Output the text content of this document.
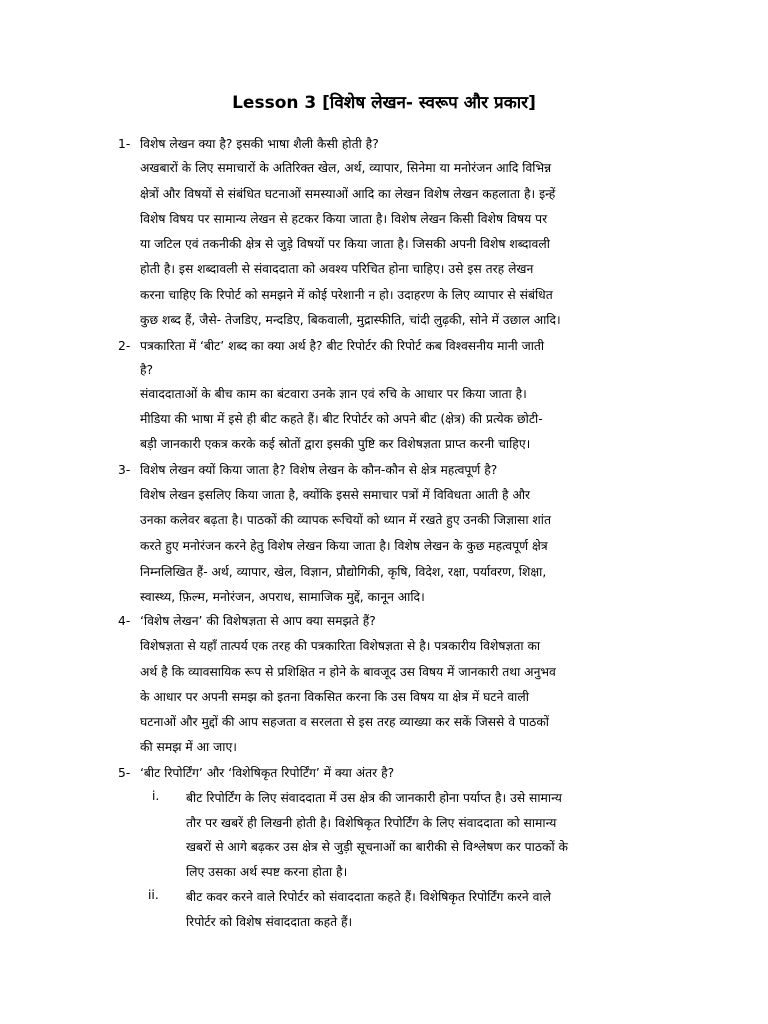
Lesson 3 [विशेष लेखन- स्वरूप और प्रकार]
1- विशेष लेखन क्या है? इसकी भाषा शैली कैसी होती है?
अखबारों के लिए समाचारों के अतिरिक्त खेल, अर्थ, व्यापार, सिनेमा या मनोरंजन आदि विभिन्न
क्षेत्रों और विषयों से संबंधित घटनाओं समस्याओं आदि का लेखन विशेष लेखन कहलाता है। इन्हें
विशेष विषय पर सामान्य लेखन से हटकर किया जाता है। विशेष लेखन किसी विशेष विषय पर
या जटिल एवं तकनीकी क्षेत्र से जुड़े विषयों पर किया जाता है। जिसकी अपनी विशेष शब्दावली
होती है। इस शब्दावली से संवाददाता को अवश्य परिचित होना चाहिए। उसे इस तरह लेखन
करना चाहिए कि रिपोर्ट को समझने में कोई परेशानी न हो। उदाहरण के लिए व्यापार से संबंधित
कुछ शब्द हैं, जैसे- तेजडिए, मन्दडिए, बिकवाली, मुद्रास्फीति, चांदी लुढ़की, सोने में उछाल आदि।
2- पत्रकारिता में ‘बीट’ शब्द का क्या अर्थ है? बीट रिपोर्टर की रिपोर्ट कब विश्वसनीय मानी जाती
है?
संवाददाताओं के बीच काम का बंटवारा उनके ज्ञान एवं रुचि के आधार पर किया जाता है।
मीडिया की भाषा में इसे ही बीट कहते हैं। बीट रिपोर्टर को अपने बीट (क्षेत्र) की प्रत्येक छोटी-
बड़ी जानकारी एकत्र करके कई स्रोतों द्वारा इसकी पुष्टि कर विशेषज्ञता प्राप्त करनी चाहिए।
3- विशेष लेखन क्यों किया जाता है? विशेष लेखन के कौन-कौन से क्षेत्र महत्वपूर्ण है?
विशेष लेखन इसलिए किया जाता है, क्योंकि इससे समाचार पत्रों में विविधता आती है और
उनका कलेवर बढ़ता है। पाठकों की व्यापक रूचियों को ध्यान में रखते हुए उनकी जिज्ञासा शांत
करते हुए मनोरंजन करने हेतु विशेष लेखन किया जाता है। विशेष लेखन के कुछ महत्वपूर्ण क्षेत्र
निम्नलिखित हैं- अर्थ, व्यापार, खेल, विज्ञान, प्रौद्योगिकी, कृषि, विदेश, रक्षा, पर्यावरण, शिक्षा,
स्वास्थ्य, फ़िल्म, मनोरंजन, अपराध, सामाजिक मुद्दें, कानून आदि।
4- ‘विशेष लेखन’ की विशेषज्ञता से आप क्या समझते हैं?
विशेषज्ञता से यहाँ तात्पर्य एक तरह की पत्रकारिता विशेषज्ञता से है। पत्रकारीय विशेषज्ञता का
अर्थ है कि व्यावसायिक रूप से प्रशिक्षित न होने के बावजूद उस विषय में जानकारी तथा अनुभव
के आधार पर अपनी समझ को इतना विकसित करना कि उस विषय या क्षेत्र में घटने वाली
घटनाओं और मुद्दों की आप सहजता व सरलता से इस तरह व्याख्या कर सकें जिससे वे पाठकों
की समझ में आ जाए।
5- ‘बीट रिपोर्टिंग’ और ‘विशेषिकृत रिपोर्टिंग’ में क्या अंतर है?
i. बीट रिपोर्टिंग के लिए संवाददाता में उस क्षेत्र की जानकारी होना पर्याप्त है। उसे सामान्य
तौर पर खबरें ही लिखनी होती है। विशेषिकृत रिपोर्टिंग के लिए संवाददाता को सामान्य
खबरों से आगे बढ़कर उस क्षेत्र से जुड़ी सूचनाओं का बारीकी से विश्लेषण कर पाठकों के
लिए उसका अर्थ स्पष्ट करना होता है।
ii. बीट कवर करने वाले रिपोर्टर को संवाददाता कहते हैं। विशेषिकृत रिपोर्टिंग करने वाले
रिपोर्टर को विशेष संवाददाता कहते हैं।
